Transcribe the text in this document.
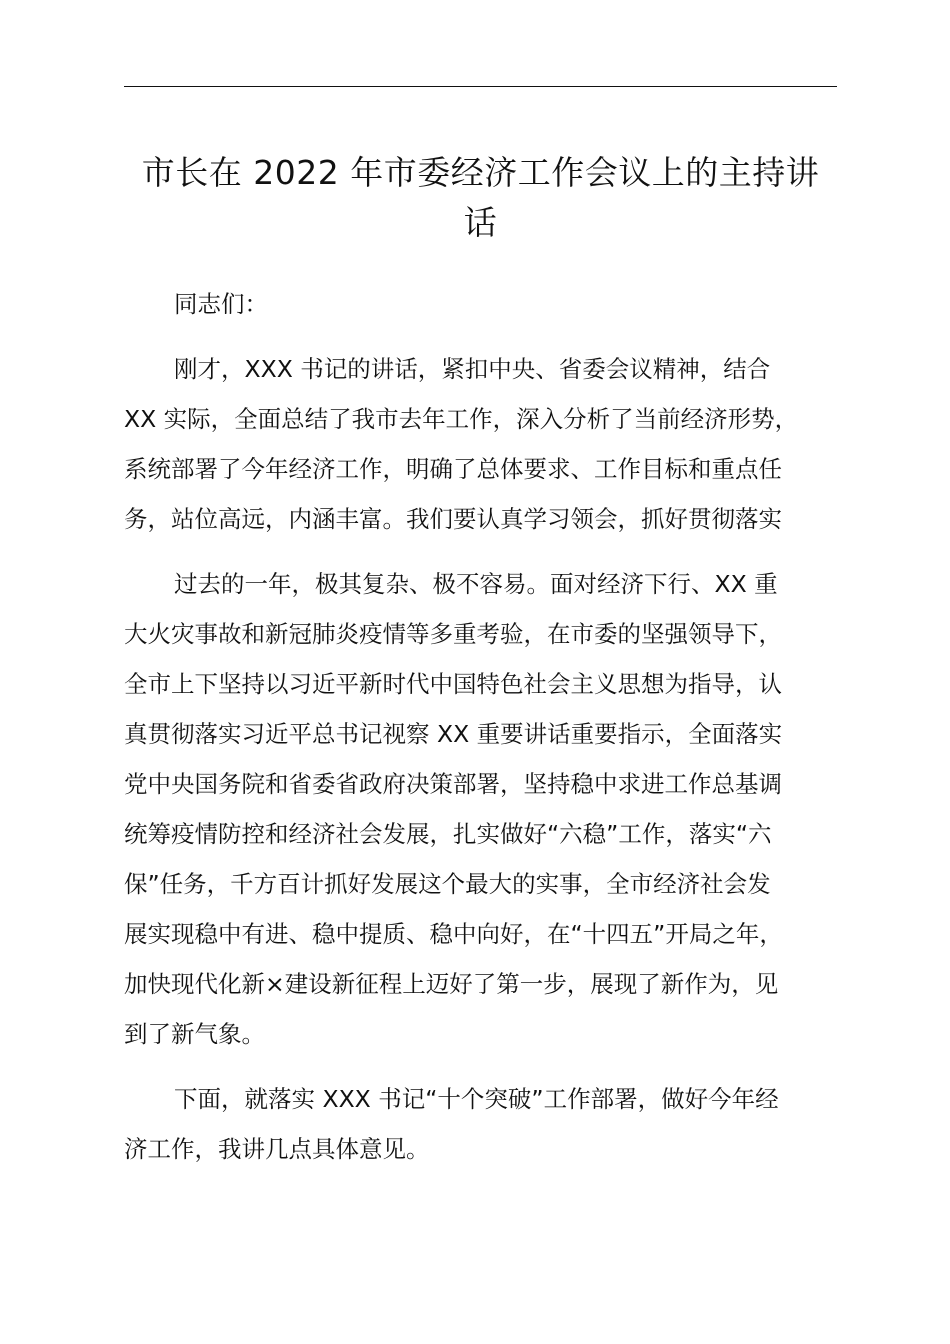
市长在 2022 年市委经济工作会议上的主持讲
话
同志们：

刚才，XXX 书记的讲话，紧扣中央、省委会议精神，结合
XX 实际，全面总结了我市去年工作，深入分析了当前经济形势，
系统部署了今年经济工作，明确了总体要求、工作目标和重点任
务，站位高远，内涵丰富。我们要认真学习领会，抓好贯彻落实

过去的一年，极其复杂、极不容易。面对经济下行、XX 重
大火灾事故和新冠肺炎疫情等多重考验，在市委的坚强领导下，
全市上下坚持以习近平新时代中国特色社会主义思想为指导，认
真贯彻落实习近平总书记视察 XX 重要讲话重要指示，全面落实
党中央国务院和省委省政府决策部署，坚持稳中求进工作总基调
统筹疫情防控和经济社会发展，扎实做好“六稳”工作，落实“六
保”任务，千方百计抓好发展这个最大的实事，全市经济社会发
展实现稳中有进、稳中提质、稳中向好，在“十四五”开局之年，
加快现代化新×建设新征程上迈好了第一步，展现了新作为，见
到了新气象。

下面，就落实 XXX 书记“十个突破”工作部署，做好今年经
济工作，我讲几点具体意见。
